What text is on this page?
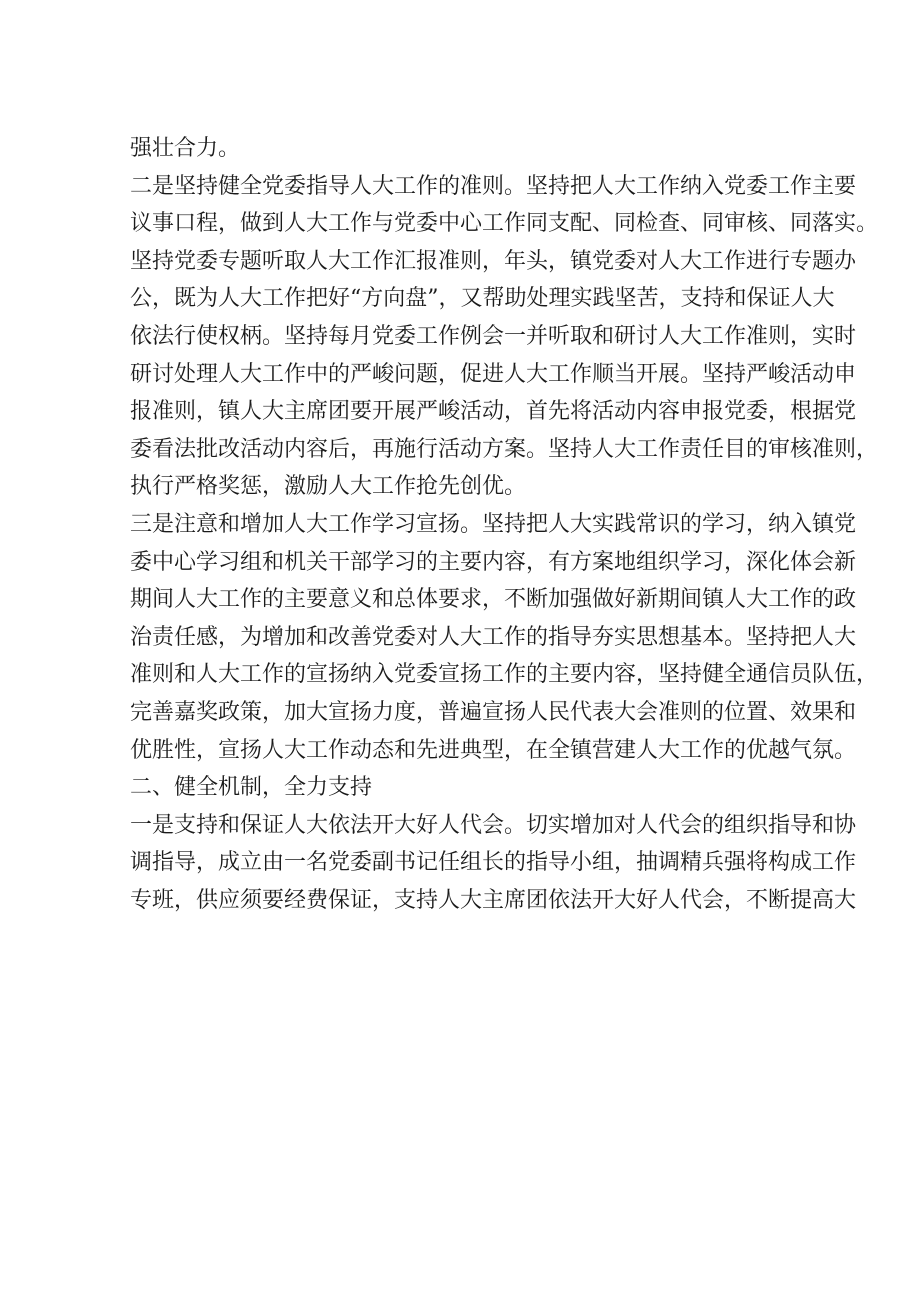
强壮合力。
二是坚持健全党委指导人大工作的准则。坚持把人大工作纳入党委工作主要
议事口程，做到人大工作与党委中心工作同支配、同检查、同审核、同落实。
坚持党委专题听取人大工作汇报准则，年头，镇党委对人大工作进行专题办
公，既为人大工作把好“方向盘”，又帮助处理实践坚苦，支持和保证人大
依法行使权柄。坚持每月党委工作例会一并听取和研讨人大工作准则，实时
研讨处理人大工作中的严峻问题，促进人大工作顺当开展。坚持严峻活动申
报准则，镇人大主席团要开展严峻活动，首先将活动内容申报党委，根据党
委看法批改活动内容后，再施行活动方案。坚持人大工作责任目的审核准则，
执行严格奖惩，激励人大工作抢先创优。
三是注意和增加人大工作学习宣扬。坚持把人大实践常识的学习，纳入镇党
委中心学习组和机关干部学习的主要内容，有方案地组织学习，深化体会新
期间人大工作的主要意义和总体要求，不断加强做好新期间镇人大工作的政
治责任感，为增加和改善党委对人大工作的指导夯实思想基本。坚持把人大
准则和人大工作的宣扬纳入党委宣扬工作的主要内容，坚持健全通信员队伍，
完善嘉奖政策，加大宣扬力度，普遍宣扬人民代表大会准则的位置、效果和
优胜性，宣扬人大工作动态和先进典型，在全镇营建人大工作的优越气氛。
二、健全机制，全力支持
一是支持和保证人大依法开大好人代会。切实增加对人代会的组织指导和协
调指导，成立由一名党委副书记任组长的指导小组，抽调精兵强将构成工作
专班，供应须要经费保证，支持人大主席团依法开大好人代会，不断提高大
